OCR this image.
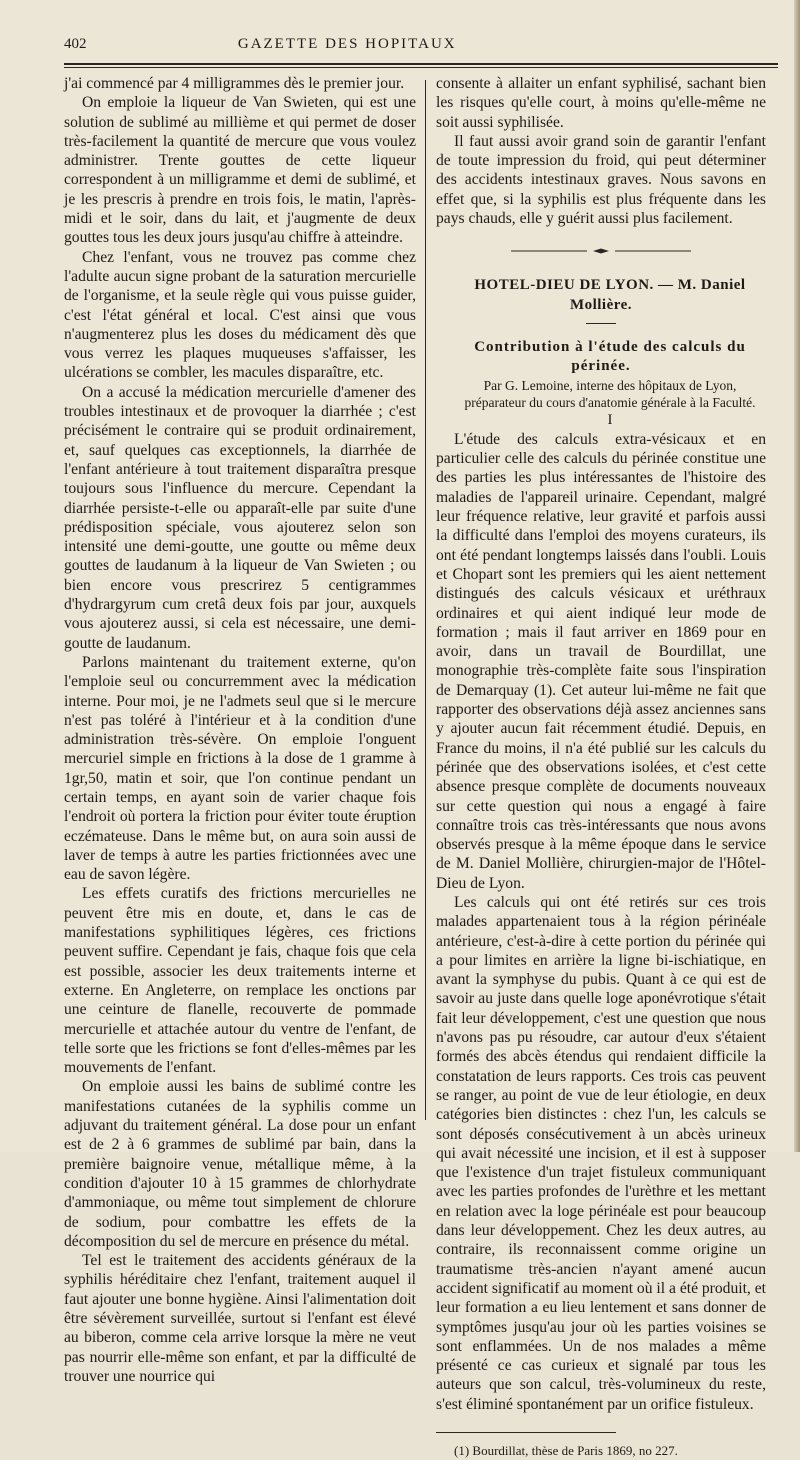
402	GAZETTE DES HOPITAUX

j'ai commencé par 4 milligrammes dès le premier jour.

On emploie la liqueur de Van Swieten, qui est une solution de sublimé au millième et qui permet de doser très-facilement la quantité de mercure que vous voulez administrer. Trente gouttes de cette liqueur correspondent à un milligramme et demi de sublimé, et je les prescris à prendre en trois fois, le matin, l'après-midi et le soir, dans du lait, et j'augmente de deux gouttes tous les deux jours jusqu'au chiffre à atteindre.

Chez l'enfant, vous ne trouvez pas comme chez l'adulte aucun signe probant de la saturation mercurielle de l'organisme, et la seule règle qui vous puisse guider, c'est l'état général et local. C'est ainsi que vous n'augmenterez plus les doses du médicament dès que vous verrez les plaques muqueuses s'affaisser, les ulcérations se combler, les macules disparaître, etc.

On a accusé la médication mercurielle d'amener des troubles intestinaux et de provoquer la diarrhée ; c'est précisément le contraire qui se produit ordinairement, et, sauf quelques cas exceptionnels, la diarrhée de l'enfant antérieure à tout traitement disparaîtra presque toujours sous l'influence du mercure. Cependant la diarrhée persiste-t-elle ou apparaît-elle par suite d'une prédisposition spéciale, vous ajouterez selon son intensité une demi-goutte, une goutte ou même deux gouttes de laudanum à la liqueur de Van Swieten ; ou bien encore vous prescrirez 5 centigrammes d'hydrargyrum cum cretâ deux fois par jour, auxquels vous ajouterez aussi, si cela est nécessaire, une demi-goutte de laudanum.

Parlons maintenant du traitement externe, qu'on l'emploie seul ou concurremment avec la médication interne. Pour moi, je ne l'admets seul que si le mercure n'est pas toléré à l'intérieur et à la condition d'une administration très-sévère. On emploie l'onguent mercuriel simple en frictions à la dose de 1 gramme à 1gr,50, matin et soir, que l'on continue pendant un certain temps, en ayant soin de varier chaque fois l'endroit où portera la friction pour éviter toute éruption eczémateuse. Dans le même but, on aura soin aussi de laver de temps à autre les parties frictionnées avec une eau de savon légère.

Les effets curatifs des frictions mercurielles ne peuvent être mis en doute, et, dans le cas de manifestations syphilitiques légères, ces frictions peuvent suffire. Cependant je fais, chaque fois que cela est possible, associer les deux traitements interne et externe. En Angleterre, on remplace les onctions par une ceinture de flanelle, recouverte de pommade mercurielle et attachée autour du ventre de l'enfant, de telle sorte que les frictions se font d'elles-mêmes par les mouvements de l'enfant.

On emploie aussi les bains de sublimé contre les manifestations cutanées de la syphilis comme un adjuvant du traitement général. La dose pour un enfant est de 2 à 6 grammes de sublimé par bain, dans la première baignoire venue, métallique même, à la condition d'ajouter 10 à 15 grammes de chlorhydrate d'ammoniaque, ou même tout simplement de chlorure de sodium, pour combattre les effets de la décomposition du sel de mercure en présence du métal.

Tel est le traitement des accidents généraux de la syphilis héréditaire chez l'enfant, traitement auquel il faut ajouter une bonne hygiène. Ainsi l'alimentation doit être sévèrement surveillée, surtout si l'enfant est élevé au biberon, comme cela arrive lorsque la mère ne veut pas nourrir elle-même son enfant, et par la difficulté de trouver une nourrice qui

consente à allaiter un enfant syphilisé, sachant bien les risques qu'elle court, à moins qu'elle-même ne soit aussi syphilisée.

Il faut aussi avoir grand soin de garantir l'enfant de toute impression du froid, qui peut déterminer des accidents intestinaux graves. Nous savons en effet que, si la syphilis est plus fréquente dans les pays chauds, elle y guérit aussi plus facilement.

HOTEL-DIEU DE LYON. — M. Daniel Mollière.

Contribution à l'étude des calculs du périnée.

Par G. Lemoine, interne des hôpitaux de Lyon,

préparateur du cours d'anatomie générale à la Faculté.

I

L'étude des calculs extra-vésicaux et en particulier celle des calculs du périnée constitue une des parties les plus intéressantes de l'histoire des maladies de l'appareil urinaire. Cependant, malgré leur fréquence relative, leur gravité et parfois aussi la difficulté dans l'emploi des moyens curateurs, ils ont été pendant longtemps laissés dans l'oubli. Louis et Chopart sont les premiers qui les aient nettement distingués des calculs vésicaux et uréthraux ordinaires et qui aient indiqué leur mode de formation ; mais il faut arriver en 1869 pour en avoir, dans un travail de Bourdillat, une monographie très-complète faite sous l'inspiration de Demarquay (1). Cet auteur lui-même ne fait que rapporter des observations déjà assez anciennes sans y ajouter aucun fait récemment étudié. Depuis, en France du moins, il n'a été publié sur les calculs du périnée que des observations isolées, et c'est cette absence presque complète de documents nouveaux sur cette question qui nous a engagé à faire connaître trois cas très-intéressants que nous avons observés presque à la même époque dans le service de M. Daniel Mollière, chirurgien-major de l'Hôtel-Dieu de Lyon.

Les calculs qui ont été retirés sur ces trois malades appartenaient tous à la région périnéale antérieure, c'est-à-dire à cette portion du périnée qui a pour limites en arrière la ligne bi-ischiatique, en avant la symphyse du pubis. Quant à ce qui est de savoir au juste dans quelle loge aponévrotique s'était fait leur développement, c'est une question que nous n'avons pas pu résoudre, car autour d'eux s'étaient formés des abcès étendus qui rendaient difficile la constatation de leurs rapports. Ces trois cas peuvent se ranger, au point de vue de leur étiologie, en deux catégories bien distinctes : chez l'un, les calculs se sont déposés consécutivement à un abcès urineux qui avait nécessité une incision, et il est à supposer que l'existence d'un trajet fistuleux communiquant avec les parties profondes de l'urèthre et les mettant en relation avec la loge périnéale est pour beaucoup dans leur développement. Chez les deux autres, au contraire, ils reconnaissent comme origine un traumatisme très-ancien n'ayant amené aucun accident significatif au moment où il a été produit, et leur formation a eu lieu lentement et sans donner de symptômes jusqu'au jour où les parties voisines se sont enflammées. Un de nos malades a même présenté ce cas curieux et signalé par tous les auteurs que son calcul, très-volumineux du reste, s'est éliminé spontanément par un orifice fistuleux.

(1) Bourdillat, thèse de Paris 1869, no 227.
